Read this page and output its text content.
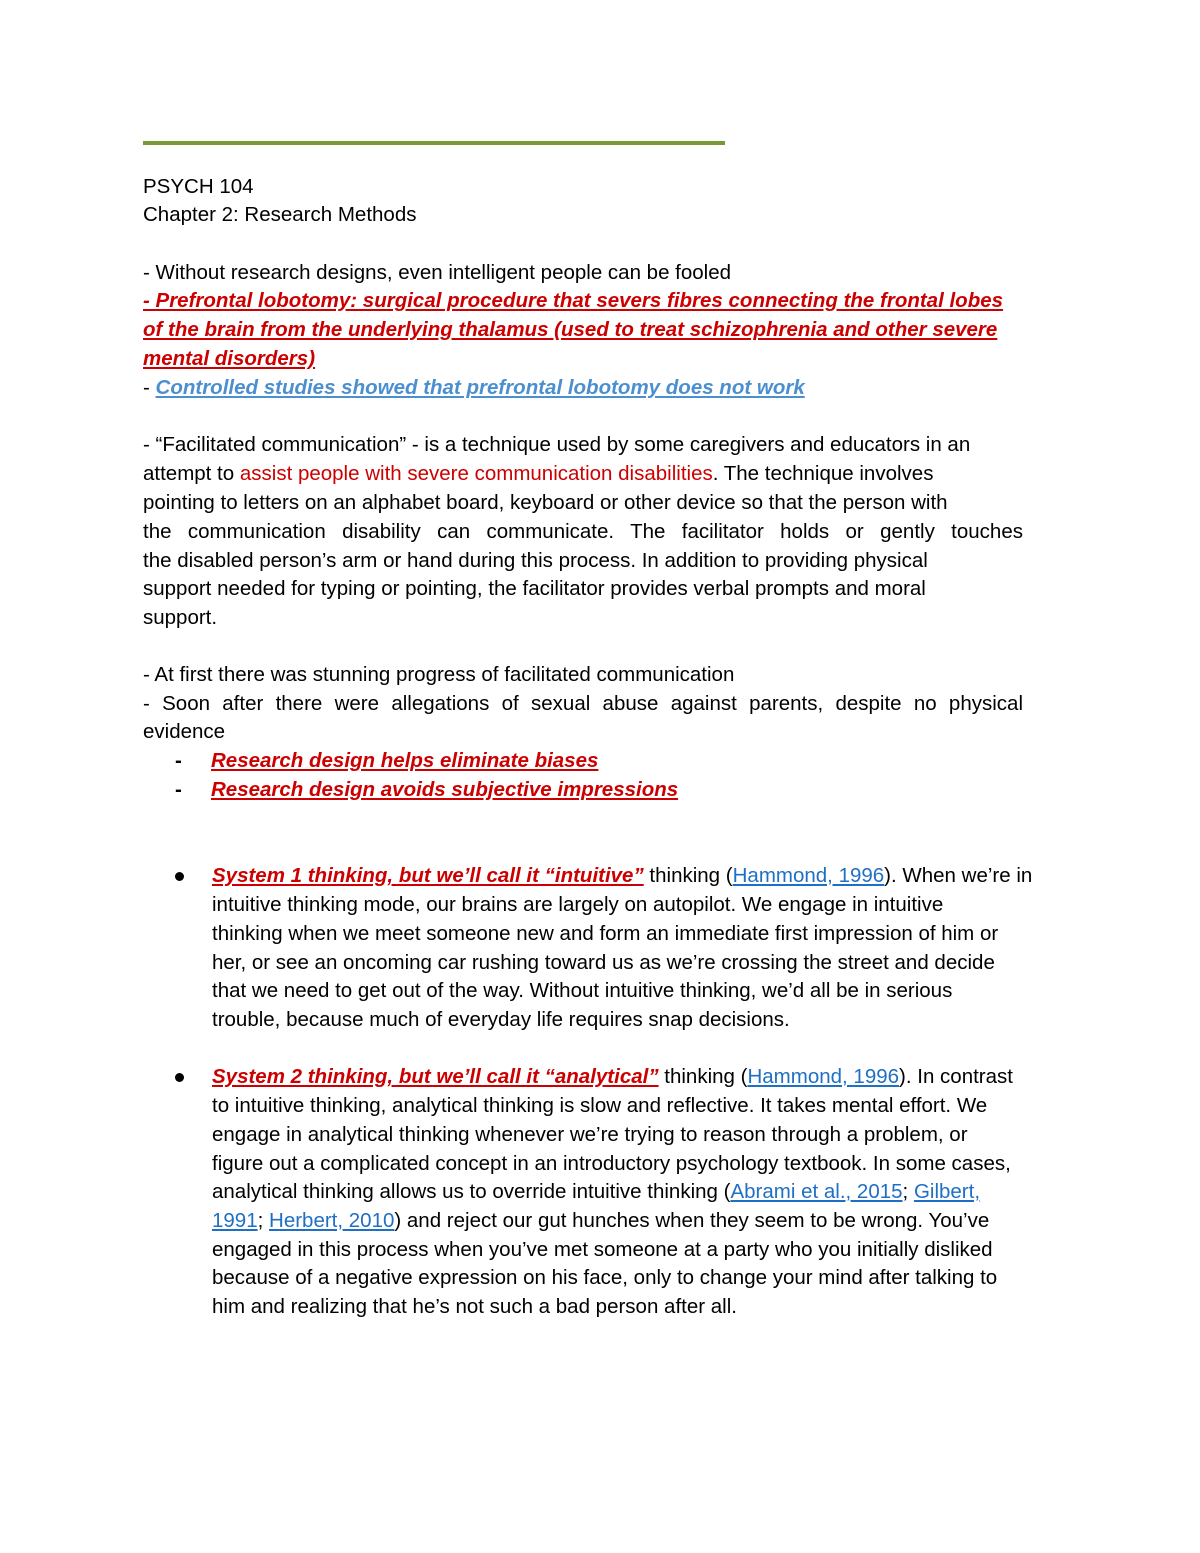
PSYCH 104
Chapter 2: Research Methods
- Without research designs, even intelligent people can be fooled
- Prefrontal lobotomy: surgical procedure that severs fibres connecting the frontal lobes
of the brain from the underlying thalamus (used to treat schizophrenia and other severe
mental disorders)
- Controlled studies showed that prefrontal lobotomy does not work
- “Facilitated communication” - is a technique used by some caregivers and educators in an
attempt to assist people with severe communication disabilities. The technique involves
pointing to letters on an alphabet board, keyboard or other device so that the person with
the communication disability can communicate. The facilitator holds or gently touches
the disabled person’s arm or hand during this process. In addition to providing physical
support needed for typing or pointing, the facilitator provides verbal prompts and moral
support.
- At first there was stunning progress of facilitated communication
- Soon after there were allegations of sexual abuse against parents, despite no physical
evidence
- Research design helps eliminate biases
- Research design avoids subjective impressions
System 1 thinking, but we’ll call it “intuitive” thinking (Hammond, 1996). When we’re in
intuitive thinking mode, our brains are largely on autopilot. We engage in intuitive
thinking when we meet someone new and form an immediate first impression of him or
her, or see an oncoming car rushing toward us as we’re crossing the street and decide
that we need to get out of the way. Without intuitive thinking, we’d all be in serious
trouble, because much of everyday life requires snap decisions.
System 2 thinking, but we’ll call it “analytical” thinking (Hammond, 1996). In contrast
to intuitive thinking, analytical thinking is slow and reflective. It takes mental effort. We
engage in analytical thinking whenever we’re trying to reason through a problem, or
figure out a complicated concept in an introductory psychology textbook. In some cases,
analytical thinking allows us to override intuitive thinking (Abrami et al., 2015; Gilbert,
1991; Herbert, 2010) and reject our gut hunches when they seem to be wrong. You’ve
engaged in this process when you’ve met someone at a party who you initially disliked
because of a negative expression on his face, only to change your mind after talking to
him and realizing that he’s not such a bad person after all.
